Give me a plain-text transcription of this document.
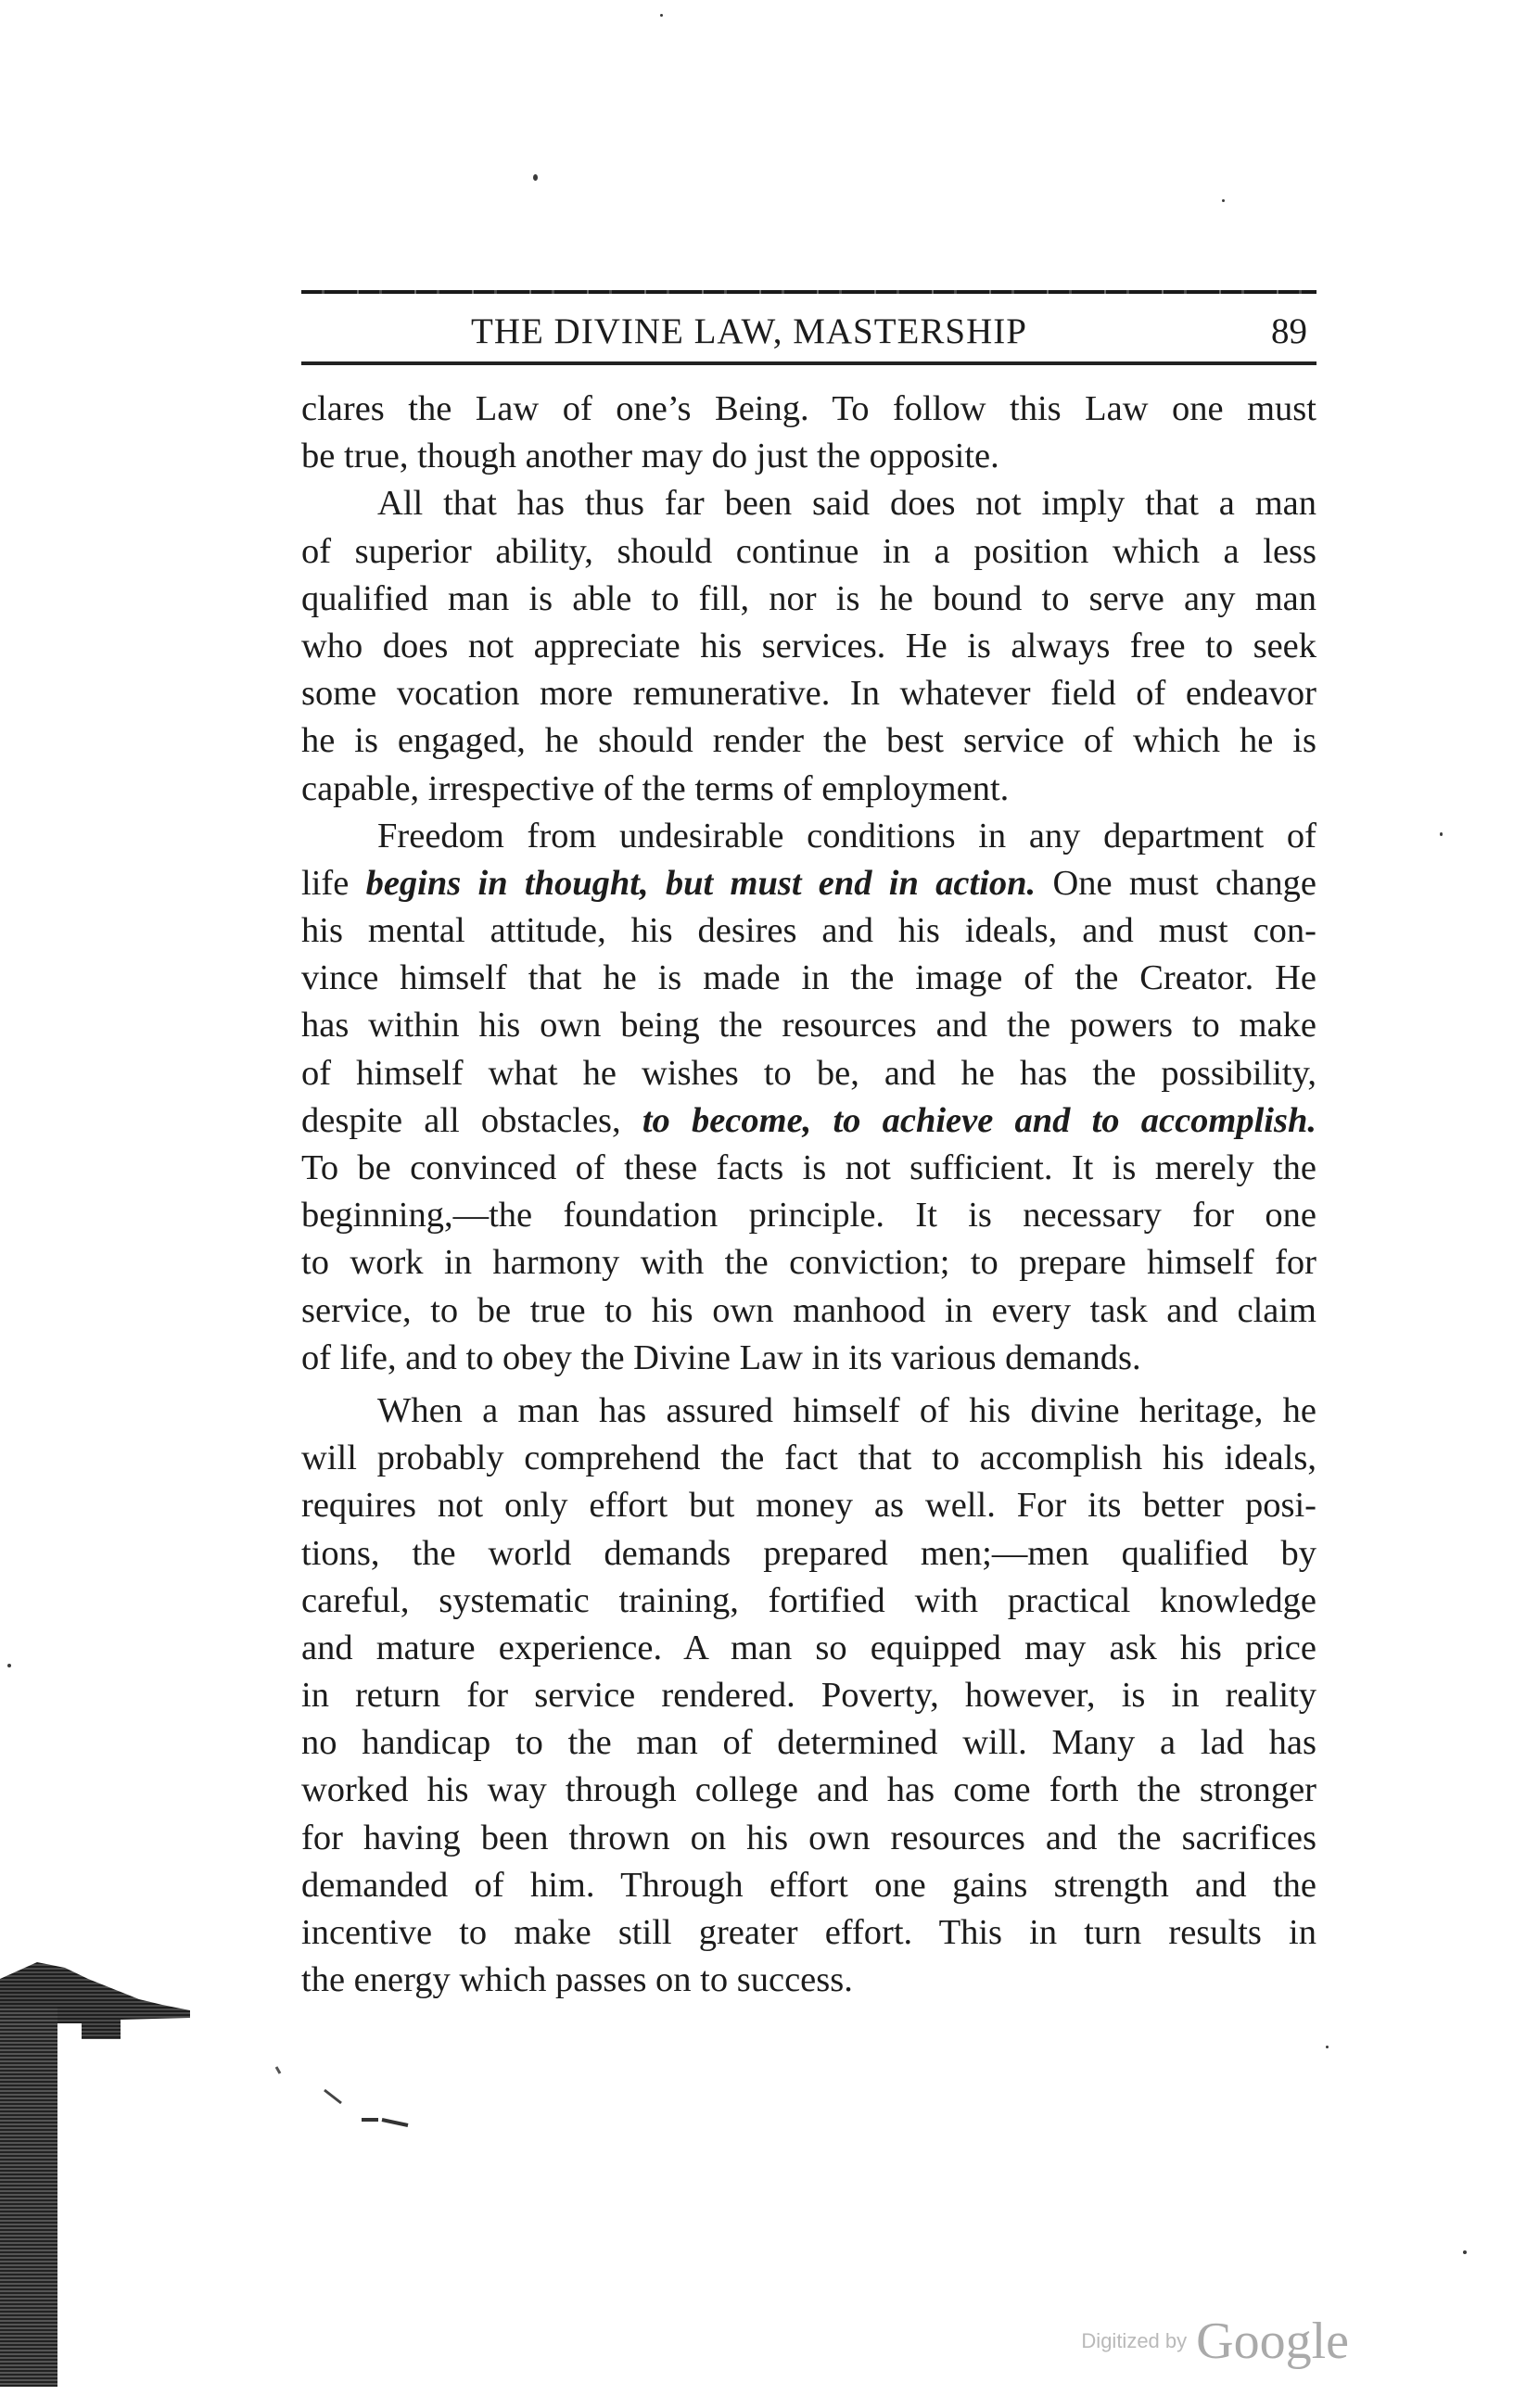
THE DIVINE LAW, MASTERSHIP	89
clares the Law of one’s Being. To follow this Law one must
be true, though another may do just the opposite.
All that has thus far been said does not imply that a man
of superior ability, should continue in a position which a less
qualified man is able to fill, nor is he bound to serve any man
who does not appreciate his services. He is always free to seek
some vocation more remunerative. In whatever field of endeavor
he is engaged, he should render the best service of which he is
capable, irrespective of the terms of employment.
Freedom from undesirable conditions in any department of
life begins in thought, but must end in action. One must change
his mental attitude, his desires and his ideals, and must con-
vince himself that he is made in the image of the Creator. He
has within his own being the resources and the powers to make
of himself what he wishes to be, and he has the possibility,
despite all obstacles, to become, to achieve and to accomplish.
To be convinced of these facts is not sufficient. It is merely the
beginning,—the foundation principle. It is necessary for one
to work in harmony with the conviction; to prepare himself for
service, to be true to his own manhood in every task and claim
of life, and to obey the Divine Law in its various demands.
When a man has assured himself of his divine heritage, he
will probably comprehend the fact that to accomplish his ideals,
requires not only effort but money as well. For its better posi-
tions, the world demands prepared men;—men qualified by
careful, systematic training, fortified with practical knowledge
and mature experience. A man so equipped may ask his price
in return for service rendered. Poverty, however, is in reality
no handicap to the man of determined will. Many a lad has
worked his way through college and has come forth the stronger
for having been thrown on his own resources and the sacrifices
demanded of him. Through effort one gains strength and the
incentive to make still greater effort. This in turn results in
the energy which passes on to success.
Digitized by Google
